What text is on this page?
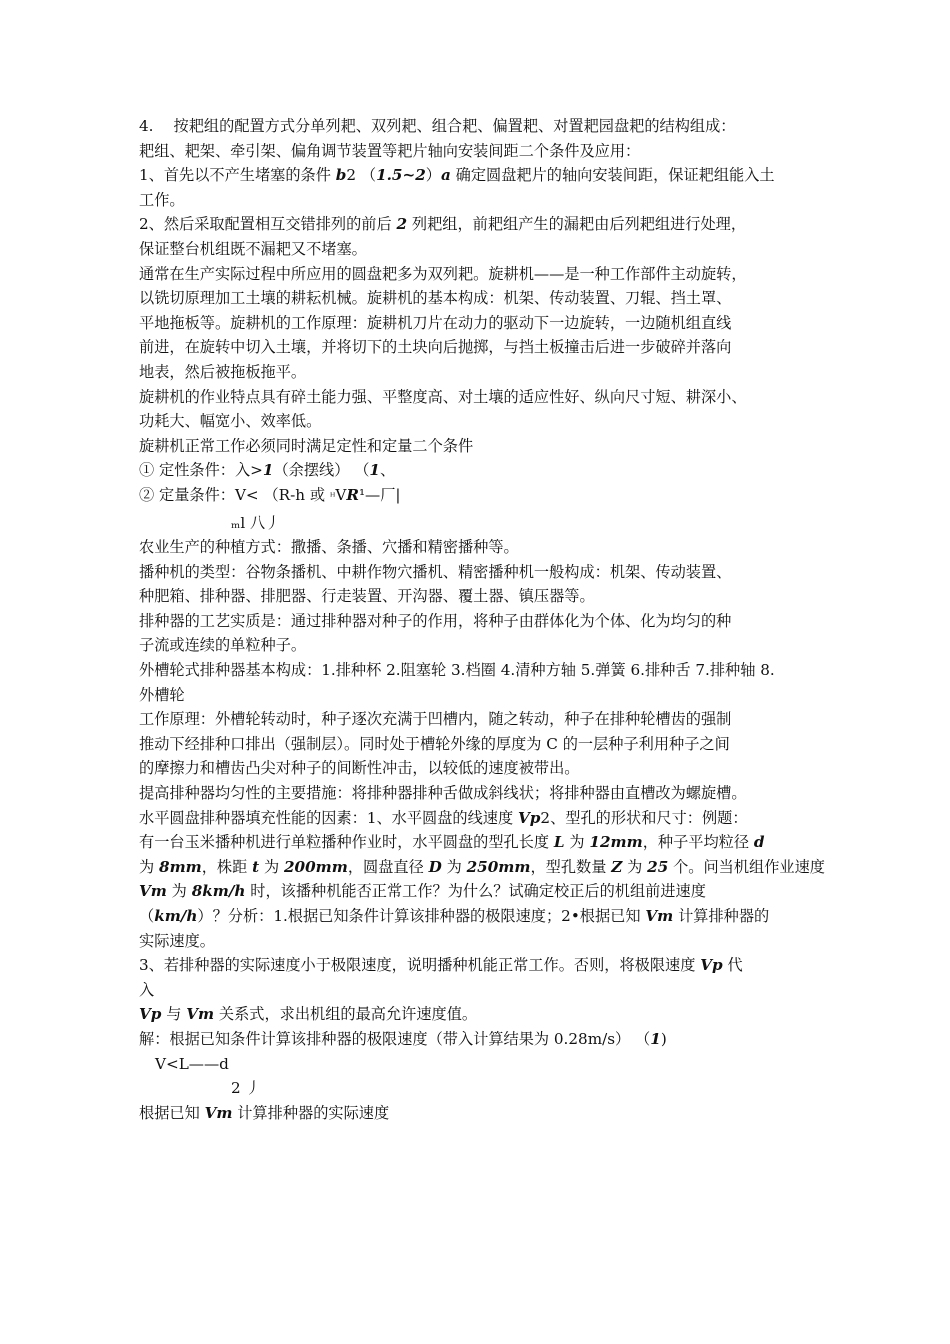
4.　 按耙组的配置方式分单列耙、双列耙、组合耙、偏置耙、对置耙园盘耙的结构组成：

耙组、耙架、牵引架、偏角调节装置等耙片轴向安装间距二个条件及应用：

1、首先以不产生堵塞的条件 b2 （1.5~2）a 确定圆盘耙片的轴向安装间距，保证耙组能入土

工作。

2、然后采取配置相互交错排列的前后 2 列耙组，前耙组产生的漏耙由后列耙组进行处理，

保证整台机组既不漏耙又不堵塞。

通常在生产实际过程中所应用的圆盘耙多为双列耙。旋耕机——是一种工作部件主动旋转，

以铣切原理加工土壤的耕耘机械。旋耕机的基本构成：机架、传动装置、刀辊、挡土罩、

平地拖板等。旋耕机的工作原理：旋耕机刀片在动力的驱动下一边旋转，一边随机组直线

前进，在旋转中切入土壤，并将切下的土块向后抛掷，与挡土板撞击后进一步破碎并落向

地表，然后被拖板拖平。

旋耕机的作业特点具有碎土能力强、平整度高、对土壤的适应性好、纵向尺寸短、耕深小、

功耗大、幅宽小、效率低。

旋耕机正常工作必须同时满足定性和定量二个条件

① 定性条件：入>1（余摆线） （1、

② 定量条件：V< （R-h 或 ᴴVR¹—厂|

ₘl 八丿

农业生产的种植方式：撒播、条播、穴播和精密播种等。

播种机的类型：谷物条播机、中耕作物穴播机、精密播种机一般构成：机架、传动装置、

种肥箱、排种器、排肥器、行走装置、开沟器、覆土器、镇压器等。

排种器的工艺实质是：通过排种器对种子的作用，将种子由群体化为个体、化为均匀的种

子流或连续的单粒种子。

外槽轮式排种器基本构成：1.排种杯 2.阻塞轮 3.档圈 4.清种方轴 5.弹簧 6.排种舌 7.排种轴 8.

外槽轮

工作原理：外槽轮转动时，种子逐次充满于凹槽内，随之转动，种子在排种轮槽齿的强制

推动下经排种口排出（强制层）。同时处于槽轮外缘的厚度为 C 的一层种子利用种子之间

的摩擦力和槽齿凸尖对种子的间断性冲击，以较低的速度被带出。

提高排种器均匀性的主要措施：将排种器排种舌做成斜线状；将排种器由直槽改为螺旋槽。

水平圆盘排种器填充性能的因素：1、水平圆盘的线速度 Vp2、型孔的形状和尺寸：例题：

有一台玉米播种机进行单粒播种作业时，水平圆盘的型孔长度 L 为 12mm，种子平均粒径 d

为 8mm，株距 t 为 200mm，圆盘直径 D 为 250mm，型孔数量 Z 为 25 个。问当机组作业速度

Vm 为 8km/h 时，该播种机能否正常工作？为什么？试确定校正后的机组前进速度

（km/h）？分析：1.根据已知条件计算该排种器的极限速度；2•根据已知 Vm 计算排种器的

实际速度。

3、若排种器的实际速度小于极限速度，说明播种机能正常工作。否则，将极限速度 Vp 代

入

Vp 与 Vm 关系式，求出机组的最高允许速度值。

解：根据已知条件计算该排种器的极限速度（带入计算结果为 0.28m/s） （1)

V<L——d

2 丿

根据已知 Vm 计算排种器的实际速度
